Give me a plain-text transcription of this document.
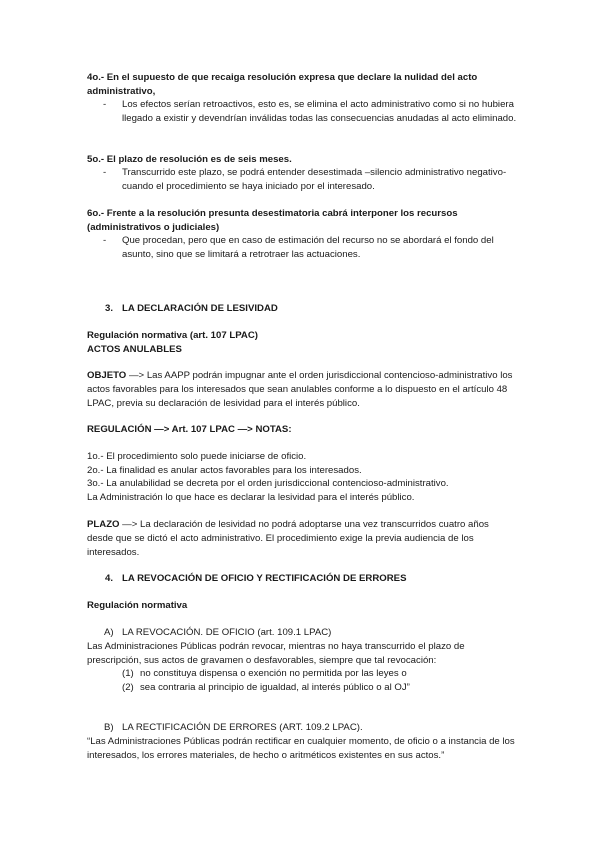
4o.- En el supuesto de que recaiga resolución expresa que declare la nulidad del acto administrativo,

- Los efectos serían retroactivos, esto es, se elimina el acto administrativo como si no hubiera llegado a existir y devendrían inválidas todas las consecuencias anudadas al acto eliminado.

5o.- El plazo de resolución es de seis meses.

- Transcurrido este plazo, se podrá entender desestimada –silencio administrativo negativo- cuando el procedimiento se haya iniciado por el interesado.

6o.- Frente a la resolución presunta desestimatoria cabrá interponer los recursos (administrativos o judiciales)

- Que procedan, pero que en caso de estimación del recurso no se abordará el fondo del asunto, sino que se limitará a retrotraer las actuaciones.

3. LA DECLARACIÓN DE LESIVIDAD

Regulación normativa (art. 107 LPAC)

ACTOS ANULABLES

OBJETO —> Las AAPP podrán impugnar ante el orden jurisdiccional contencioso-administrativo los actos favorables para los interesados que sean anulables conforme a lo dispuesto en el artículo 48 LPAC, previa su declaración de lesividad para el interés público.

REGULACIÓN —> Art. 107 LPAC —> NOTAS:

1o.- El procedimiento solo puede iniciarse de oficio.

2o.- La finalidad es anular actos favorables para los interesados.

3o.- La anulabilidad se decreta por el orden jurisdiccional contencioso-administrativo.

La Administración lo que hace es declarar la lesividad para el interés público.

PLAZO —> La declaración de lesividad no podrá adoptarse una vez transcurridos cuatro años desde que se dictó el acto administrativo. El procedimiento exige la previa audiencia de los interesados.

4. LA REVOCACIÓN DE OFICIO Y RECTIFICACIÓN DE ERRORES

Regulación normativa

A) LA REVOCACIÓN. DE OFICIO (art. 109.1 LPAC)

Las Administraciones Públicas podrán revocar, mientras no haya transcurrido el plazo de prescripción, sus actos de gravamen o desfavorables, siempre que tal revocación:

(1) no constituya dispensa o exención no permitida por las leyes o
(2) sea contraria al principio de igualdad, al interés público o al OJ”
B) LA RECTIFICACIÓN DE ERRORES (ART. 109.2 LPAC).

“Las Administraciones Públicas podrán rectificar en cualquier momento, de oficio o a instancia de los interesados, los errores materiales, de hecho o aritméticos existentes en sus actos.”
